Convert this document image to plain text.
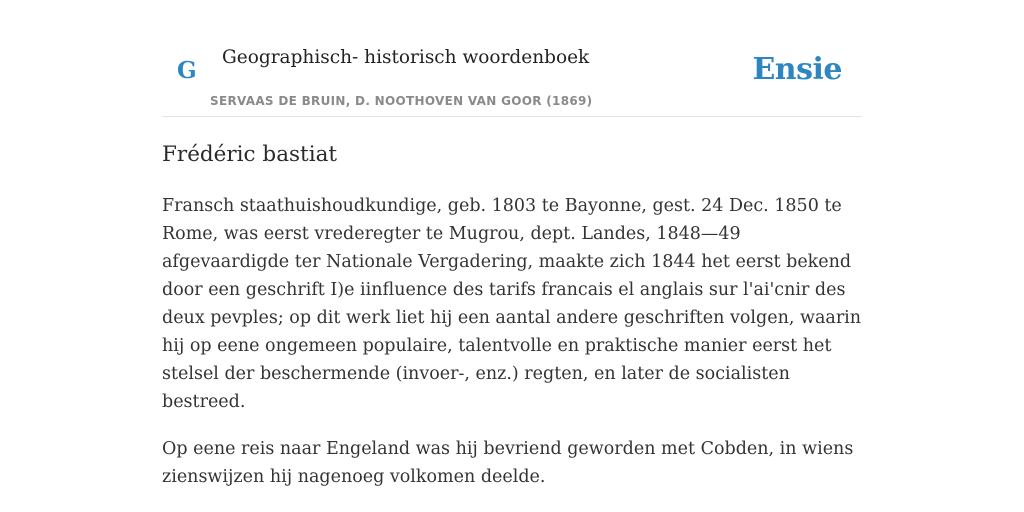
G Geographisch- historisch woordenboek
SERVAAS DE BRUIN, D. NOOTHOVEN VAN GOOR (1869)
Ensie
Frédéric bastiat

Fransch staathuishoudkundige, geb. 1803 te Bayonne, gest. 24 Dec. 1850 te Rome, was eerst vrederegter te Mugrou, dept. Landes, 1848—49 afgevaardigde ter Nationale Vergadering, maakte zich 1844 het eerst bekend door een geschrift I)e iinfluence des tarifs francais el anglais sur l'ai'cnir des deux pevples; op dit werk liet hij een aantal andere geschriften volgen, waarin hij op eene ongemeen populaire, talentvolle en praktische manier eerst het stelsel der beschermende (invoer-, enz.) regten, en later de socialisten bestreed.

Op eene reis naar Engeland was hij bevriend geworden met Cobden, in wiens zienswijzen hij nagenoeg volkomen deelde.
